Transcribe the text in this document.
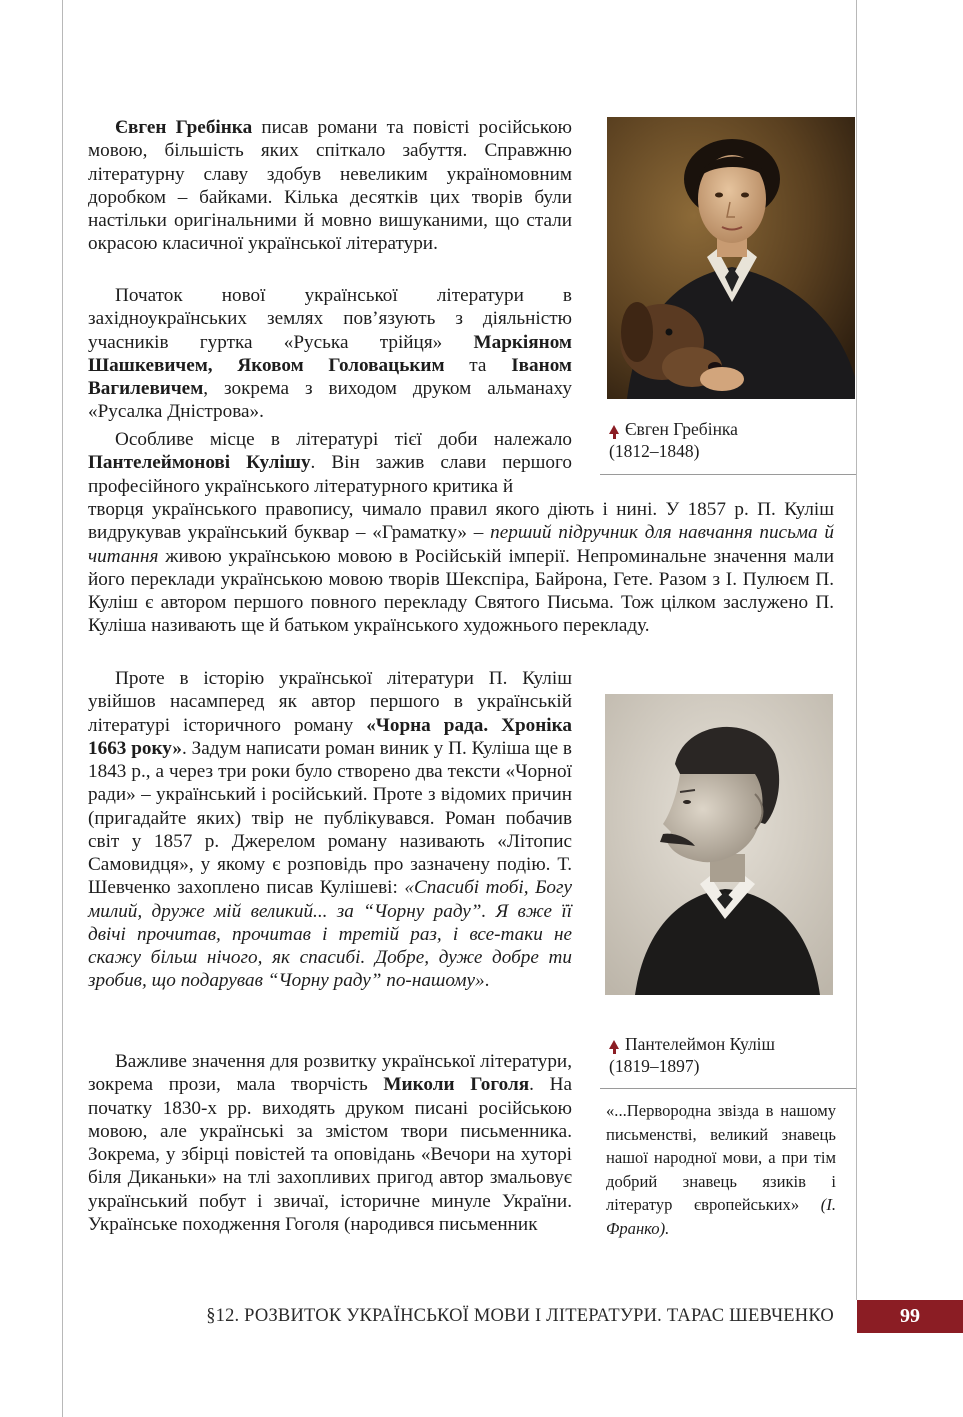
Євген Гребінка писав романи та повісті російською мовою, більшість яких спіткало забуття. Справжню літературну славу здобув невеликим україномовним доробком – байками. Кілька десятків цих творів були настільки оригінальними й мовно вишуканими, що стали окрасою класичної української літератури.

Початок нової української літератури в західноукраїнських землях пов’язують з діяльністю учасників гуртка «Руська трійця» Маркіяном Шашкевичем, Яковом Головацьким та Іваном Вагилевичем, зокрема з виходом друком альманаху «Русалка Дністрова».

Особливе місце в літературі тієї доби належало Пантелеймонові Кулішу. Він зажив слави першого професійного українського літературного критика й

творця українського правопису, чимало правил якого діють і нині. У 1857 р. П. Куліш видрукував український буквар – «Граматку» – перший підручник для навчання письма й читання живою українською мовою в Російській імперії. Непроминальне значення мали його переклади українською мовою творів Шекспіра, Байрона, Гете. Разом з І. Пулюєм П. Куліш є автором першого повного перекладу Святого Письма. Тож цілком заслужено П. Куліша називають ще й батьком українського художнього перекладу.

Проте в історію української літератури П. Куліш увійшов насамперед як автор першого в українській літературі історичного роману «Чорна рада. Хроніка 1663 року». Задум написати роман виник у П. Куліша ще в 1843 р., а через три роки було створено два тексти «Чорної ради» – український і російський. Проте з відомих причин (пригадайте яких) твір не публікувався. Роман побачив світ у 1857 р. Джерелом роману називають «Літопис Самовидця», у якому є розповідь про зазначену подію. Т. Шевченко захоплено писав Кулішеві: «Спасибі тобі, Богу милий, друже мій великий... за “Чорну раду”. Я вже її двічі прочитав, прочитав і третій раз, і все-таки не скажу більш нічого, як спасибі. Добре, дуже добре ти зробив, що подарував “Чорну раду” по-нашому».

Важливе значення для розвитку української літератури, зокрема прози, мала творчість Миколи Гоголя. На початку 1830-х рр. виходять друком писані російською мовою, але українські за змістом твори письменника. Зокрема, у збірці повістей та оповідань «Вечори на хуторі біля Диканьки» на тлі захопливих пригод автор змальовує український побут і звичаї, історичне минуле України. Українське походження Гоголя (народився письменник

Євген Гребінка
(1812–1848)
Пантелеймон Куліш
(1819–1897)
«...Первородна звізда в нашому письменстві, великий знавець нашої народної мови, а при тім добрий знавець язиків і літератур європейських» (І. Франко).
§12. РОЗВИТОК УКРАЇНСЬКОЇ МОВИ І ЛІТЕРАТУРИ. ТАРАС ШЕВЧЕНКО	99
